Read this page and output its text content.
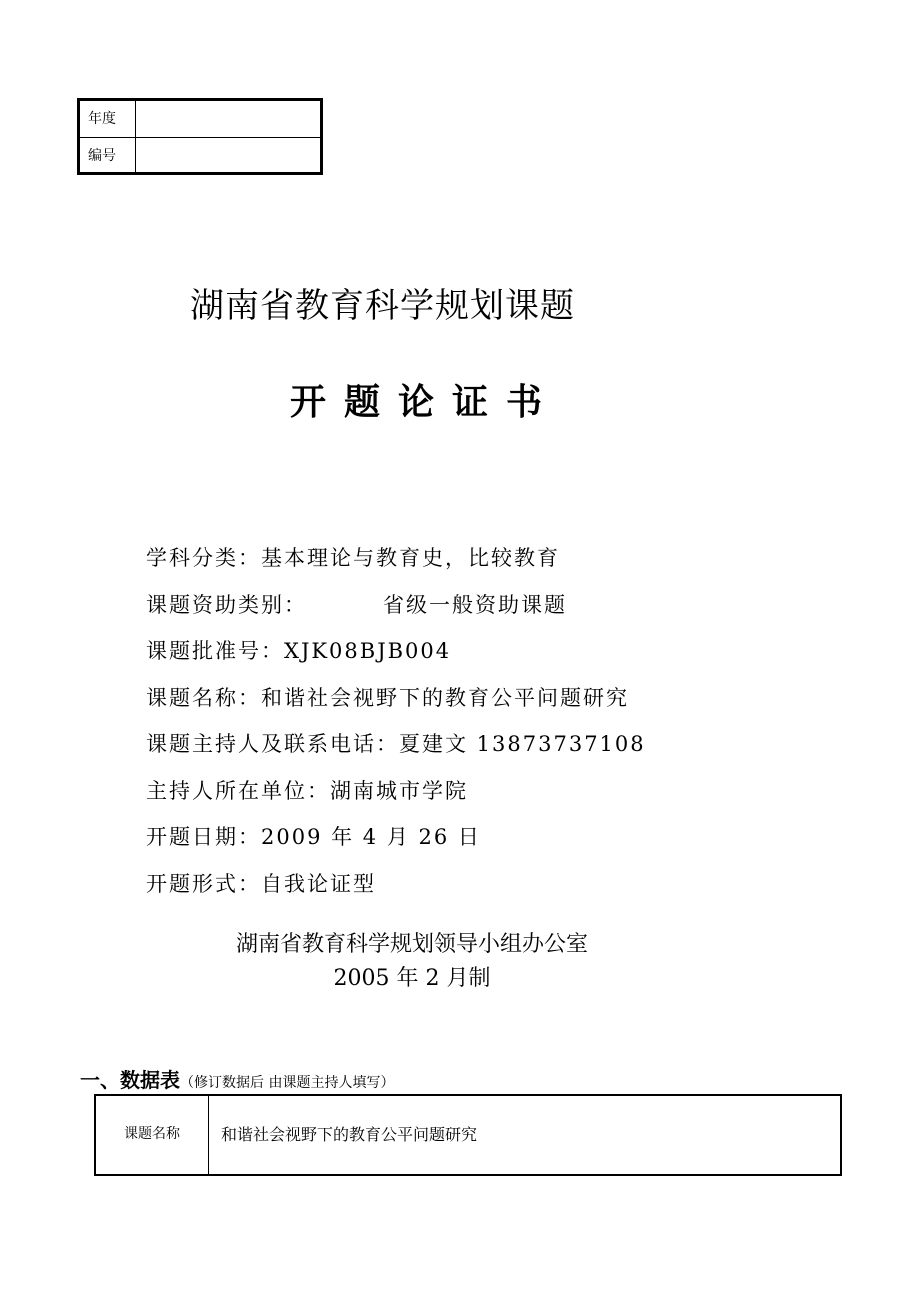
年度
编号
湖南省教育科学规划课题
开题论证书
学科分类：基本理论与教育史，比较教育
课题资助类别：	省级一般资助课题
课题批准号：XJK08BJB004
课题名称：和谐社会视野下的教育公平问题研究
课题主持人及联系电话：夏建文 13873737108
主持人所在单位：湖南城市学院
开题日期：2009 年 4 月 26 日
开题形式：自我论证型
湖南省教育科学规划领导小组办公室
2005 年 2 月制
一、数据表（修订数据后 由课题主持人填写）
课题名称	和谐社会视野下的教育公平问题研究
